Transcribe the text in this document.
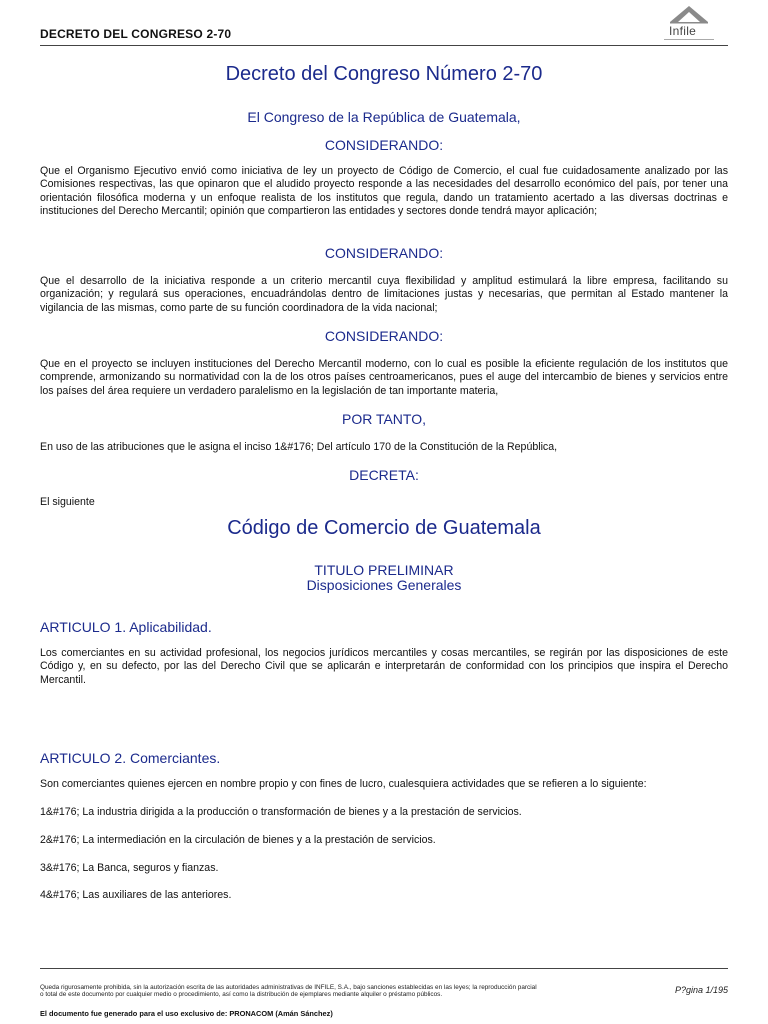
DECRETO DEL CONGRESO 2-70	Infile
Decreto del Congreso Número 2-70
El Congreso de la República de Guatemala,
CONSIDERANDO:
Que el Organismo Ejecutivo envió como iniciativa de ley un proyecto de Código de Comercio, el cual fue cuidadosamente analizado por las Comisiones respectivas, las que opinaron que el aludido proyecto responde a las necesidades del desarrollo económico del país, por tener una orientación filosófica moderna y un enfoque realista de los institutos que regula, dando un tratamiento acertado a las diversas doctrinas e instituciones del Derecho Mercantil; opinión que compartieron las entidades y sectores donde tendrá mayor aplicación;
CONSIDERANDO:
Que el desarrollo de la iniciativa responde a un criterio mercantil cuya flexibilidad y amplitud estimulará la libre empresa, facilitando su organización; y regulará sus operaciones, encuadrándolas dentro de limitaciones justas y necesarias, que permitan al Estado mantener la vigilancia de las mismas, como parte de su función coordinadora de la vida nacional;
CONSIDERANDO:
Que en el proyecto se incluyen instituciones del Derecho Mercantil moderno, con lo cual es posible la eficiente regulación de los institutos que comprende, armonizando su normatividad con la de los otros países centroamericanos, pues el auge del intercambio de bienes y servicios entre los países del área requiere un verdadero paralelismo en la legislación de tan importante materia,
POR TANTO,
En uso de las atribuciones que le asigna el inciso 1&#176; Del artículo 170 de la Constitución de la República,
DECRETA:
El siguiente
Código de Comercio de Guatemala
TITULO PRELIMINAR
Disposiciones Generales
ARTICULO 1. Aplicabilidad.
Los comerciantes en su actividad profesional, los negocios jurídicos mercantiles y cosas mercantiles, se regirán por las disposiciones de este Código y, en su defecto, por las del Derecho Civil que se aplicarán e interpretarán de conformidad con los principios que inspira el Derecho Mercantil.
ARTICULO 2. Comerciantes.
Son comerciantes quienes ejercen en nombre propio y con fines de lucro, cualesquiera actividades que se refieren a lo siguiente:
1&#176; La industria dirigida a la producción o transformación de bienes y a la prestación de servicios.
2&#176; La intermediación en la circulación de bienes y a la prestación de servicios.
3&#176; La Banca, seguros y fianzas.
4&#176; Las auxiliares de las anteriores.
Queda rigurosamente prohibida, sin la autorización escrita de las autoridades administrativas de INFILE, S.A., bajo sanciones establecidas en las leyes; la reproducción parcial o total de este documento por cualquier medio o procedimiento, así como la distribución de ejemplares mediante alquiler o préstamo públicos.	P?gina 1/195
El documento fue generado para el uso exclusivo de: PRONACOM (Amán Sánchez)
